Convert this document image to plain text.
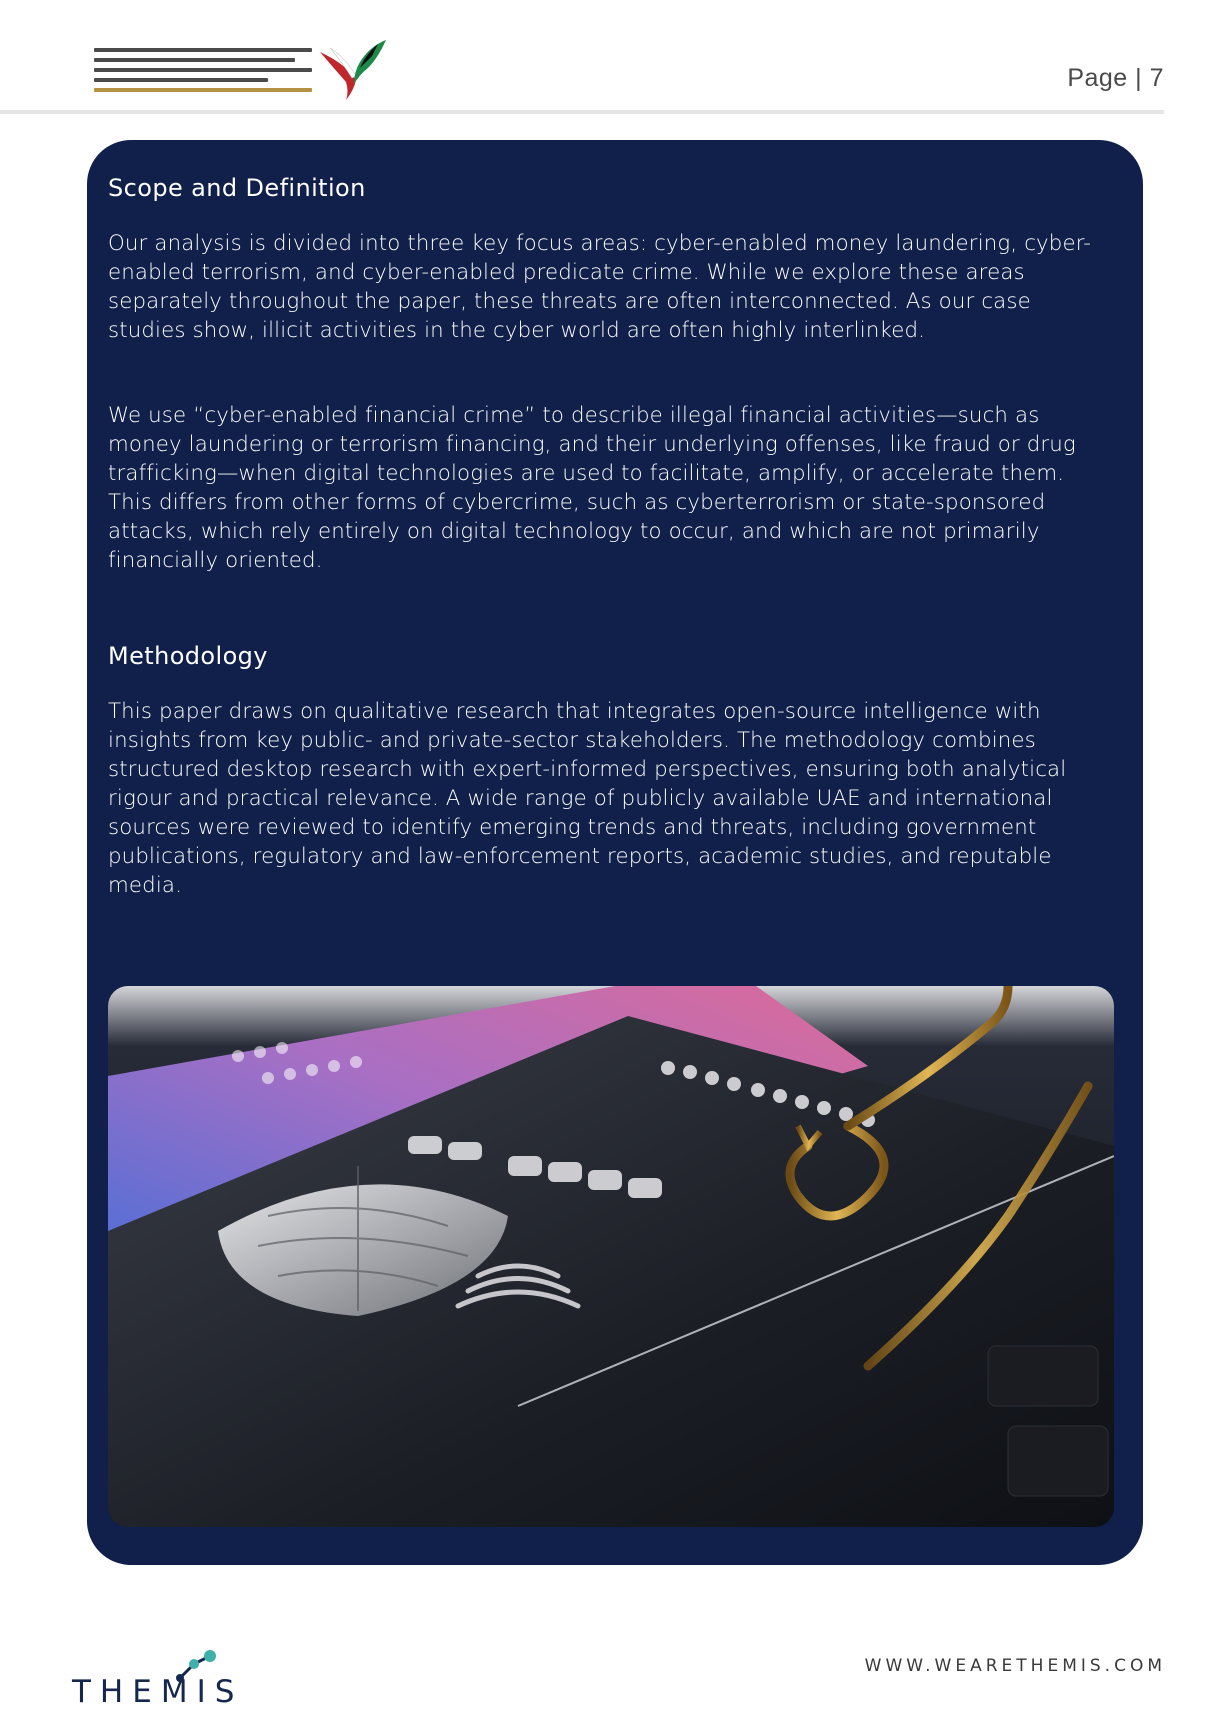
Page | 7
Scope and Definition

Our analysis is divided into three key focus areas: cyber-enabled money laundering, cyber-enabled terrorism, and cyber-enabled predicate crime. While we explore these areas separately throughout the paper, these threats are often interconnected. As our case studies show, illicit activities in the cyber world are often highly interlinked.

We use “cyber-enabled financial crime” to describe illegal financial activities—such as money laundering or terrorism financing, and their underlying offenses, like fraud or drug trafficking—when digital technologies are used to facilitate, amplify, or accelerate them. This differs from other forms of cybercrime, such as cyberterrorism or state-sponsored attacks, which rely entirely on digital technology to occur, and which are not primarily financially oriented.

Methodology

This paper draws on qualitative research that integrates open-source intelligence with insights from key public- and private-sector stakeholders. The methodology combines structured desktop research with expert-informed perspectives, ensuring both analytical rigour and practical relevance. A wide range of publicly available UAE and international sources were reviewed to identify emerging trends and threats, including government publications, regulatory and law-enforcement reports, academic studies, and reputable media.

THEMIS
WWW.WEARETHEMIS.COM
